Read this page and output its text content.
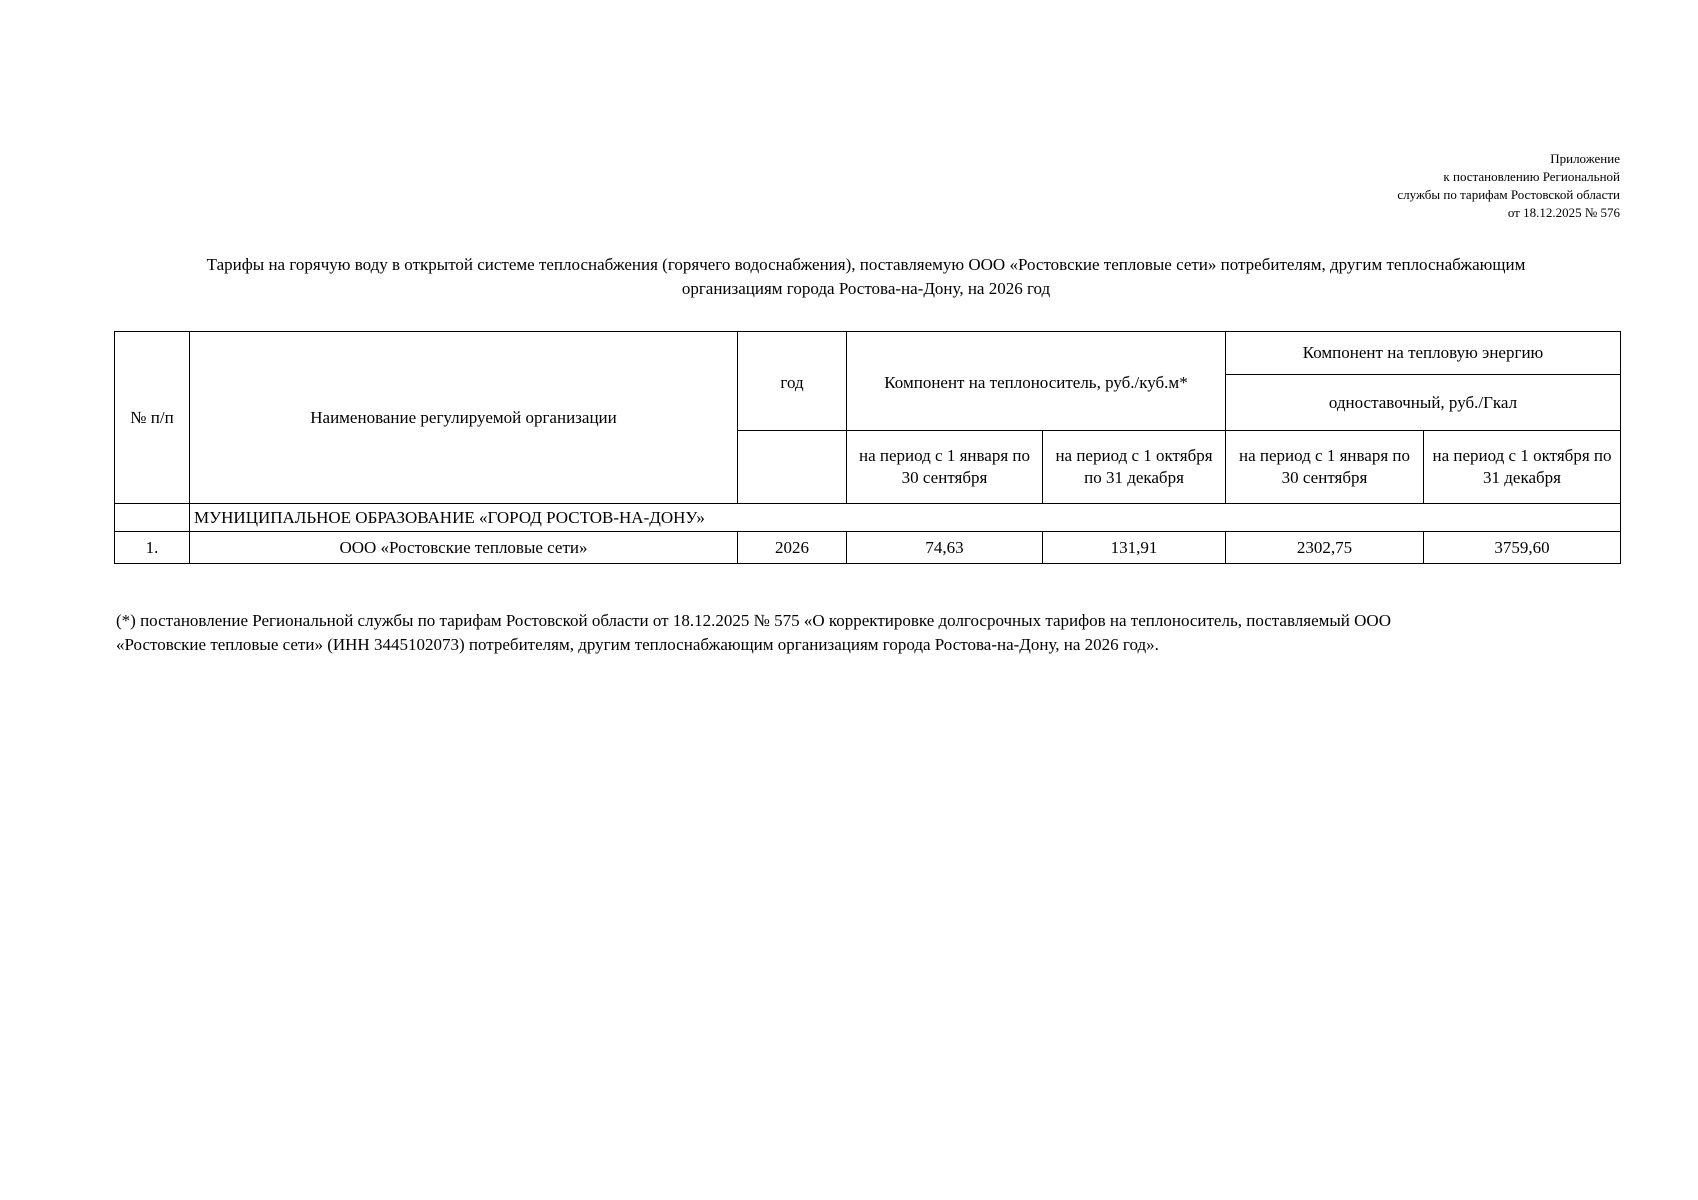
Приложение
к постановлению Региональной
службы по тарифам Ростовской области
от 18.12.2025 № 576
Тарифы на горячую воду в открытой системе теплоснабжения (горячего водоснабжения), поставляемую ООО «Ростовские тепловые сети» потребителям, другим теплоснабжающим
организациям города Ростова-на-Дону, на 2026 год
№ п/п	Наименование регулируемой организации	год	Компонент на теплоноситель, руб./куб.м*		Компонент на тепловую энергию	
					одноставочный, руб./Гкал	
			на период с 1 января по 30 сентября	на период с 1 октября по 31 декабря	на период с 1 января по 30 сентября	на период с 1 октября по 31 декабря
	МУНИЦИПАЛЬНОЕ ОБРАЗОВАНИЕ «ГОРОД РОСТОВ-НА-ДОНУ»					
1.	ООО «Ростовские тепловые сети»	2026	74,63	131,91	2302,75	3759,60
(*) постановление Региональной службы по тарифам Ростовской области от 18.12.2025 № 575 «О корректировке долгосрочных тарифов на теплоноситель, поставляемый ООО
«Ростовские тепловые сети» (ИНН 3445102073) потребителям, другим теплоснабжающим организациям города Ростова-на-Дону, на 2026 год».
